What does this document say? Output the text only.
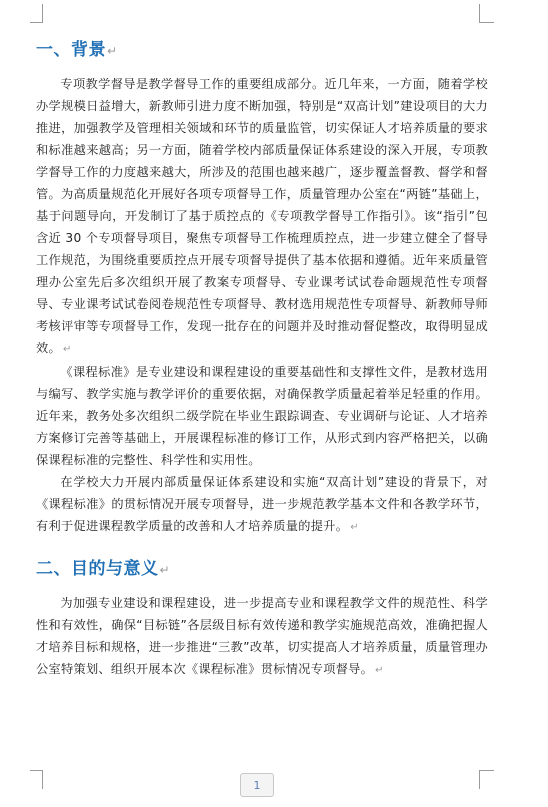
一、背景↵

专项教学督导是教学督导工作的重要组成部分。近几年来，一方面，随着学校办学规模日益增大，新教师引进力度不断加强，特别是“双高计划”建设项目的大力推进，加强教学及管理相关领域和环节的质量监管，切实保证人才培养质量的要求和标准越来越高；另一方面，随着学校内部质量保证体系建设的深入开展，专项教学督导工作的力度越来越大，所涉及的范围也越来越广，逐步覆盖督教、督学和督管。为高质量规范化开展好各项专项督导工作，质量管理办公室在“两链”基础上，基于问题导向，开发制订了基于质控点的《专项教学督导工作指引》。该“指引”包含近 30 个专项督导项目，聚焦专项督导工作梳理质控点，进一步建立健全了督导工作规范，为围绕重要质控点开展专项督导提供了基本依据和遵循。近年来质量管理办公室先后多次组织开展了教案专项督导、专业课考试试卷命题规范性专项督导、专业课考试试卷阅卷规范性专项督导、教材选用规范性专项督导、新教师导师考核评审等专项督导工作，发现一批存在的问题并及时推动督促整改，取得明显成效。 ↵

《课程标准》是专业建设和课程建设的重要基础性和支撑性文件，是教材选用与编写、教学实施与教学评价的重要依据，对确保教学质量起着举足轻重的作用。近年来，教务处多次组织二级学院在毕业生跟踪调查、专业调研与论证、人才培养方案修订完善等基础上，开展课程标准的修订工作，从形式到内容严格把关，以确保课程标准的完整性、科学性和实用性。

在学校大力开展内部质量保证体系建设和实施“双高计划”建设的背景下，对《课程标准》的贯标情况开展专项督导，进一步规范教学基本文件和各教学环节，有利于促进课程教学质量的改善和人才培养质量的提升。 ↵

二、目的与意义↵

为加强专业建设和课程建设，进一步提高专业和课程教学文件的规范性、科学性和有效性，确保“目标链”各层级目标有效传递和教学实施规范高效，准确把握人才培养目标和规格，进一步推进“三教”改革，切实提高人才培养质量，质量管理办公室特策划、组织开展本次《课程标准》贯标情况专项督导。 ↵

1
